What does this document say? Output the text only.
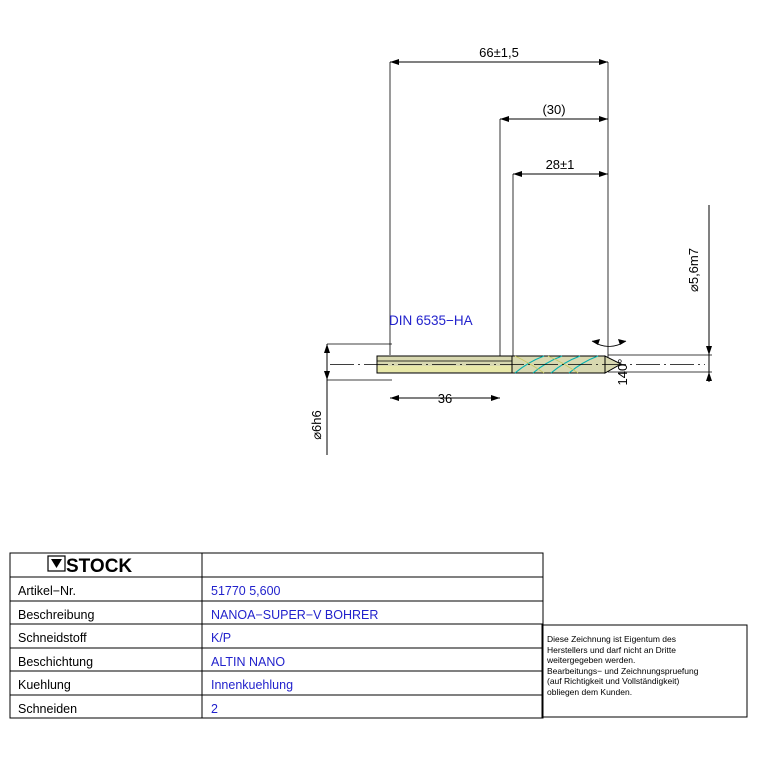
66±1,5
(30)
28±1
36
⌀6h6
⌀5,6m7
140°
DIN 6535−HA
STOCK
Artikel−Nr.	51770 5,600
Beschreibung	NANOA−SUPER−V BOHRER
Schneidstoff	K/P
Beschichtung	ALTIN NANO
Kuehlung	Innenkuehlung
Schneiden	2
Diese Zeichnung ist Eigentum des
Herstellers und darf nicht an Dritte
weitergegeben werden.
Bearbeitungs− und Zeichnungspruefung
(auf Richtigkeit und Vollständigkeit)
obliegen dem Kunden.
